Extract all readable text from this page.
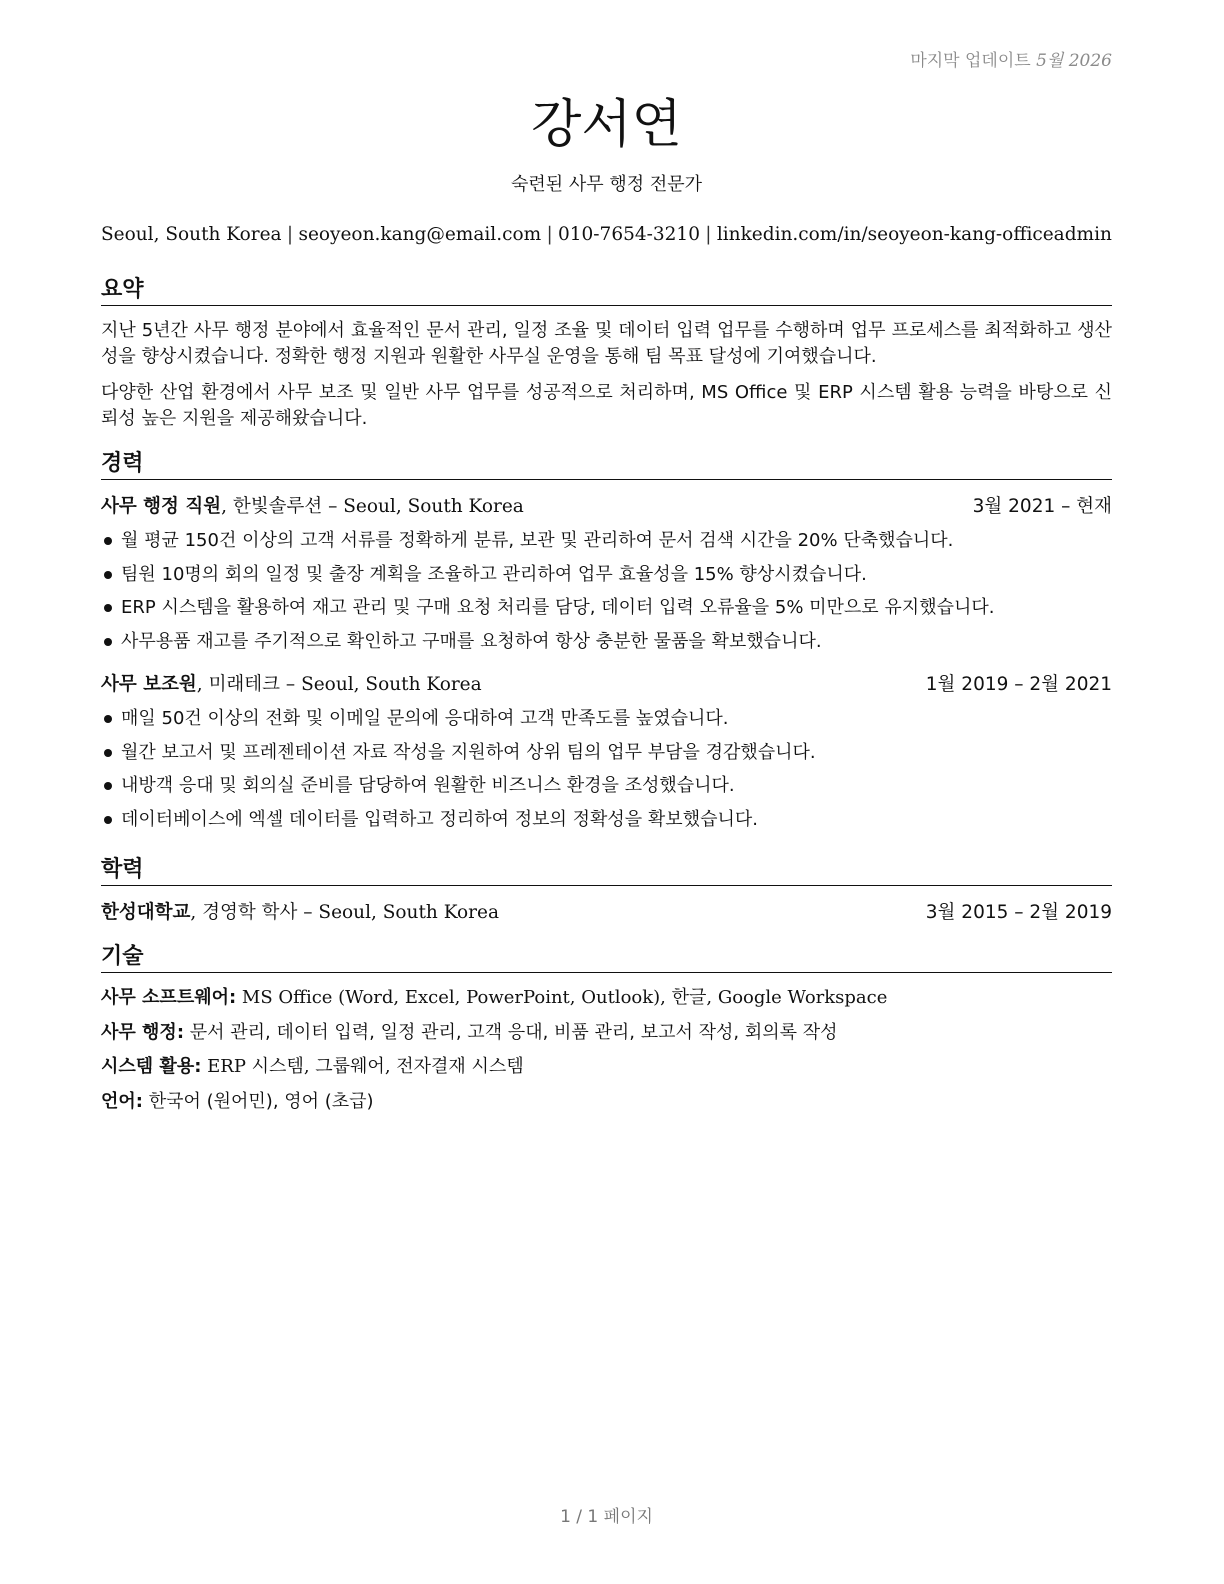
마지막 업데이트 5월 2026
강서연
숙련된 사무 행정 전문가
Seoul, South Korea | seoyeon.kang@email.com | 010-7654-3210 | linkedin.com/in/seoyeon-kang-officeadmin
요약
지난 5년간 사무 행정 분야에서 효율적인 문서 관리, 일정 조율 및 데이터 입력 업무를 수행하며 업무 프로세스를 최적화하고 생산성을 향상시켰습니다. 정확한 행정 지원과 원활한 사무실 운영을 통해 팀 목표 달성에 기여했습니다.
다양한 산업 환경에서 사무 보조 및 일반 사무 업무를 성공적으로 처리하며, MS Office 및 ERP 시스템 활용 능력을 바탕으로 신뢰성 높은 지원을 제공해왔습니다.
경력
사무 행정 직원, 한빛솔루션 – Seoul, South Korea	3월 2021 – 현재
월 평균 150건 이상의 고객 서류를 정확하게 분류, 보관 및 관리하여 문서 검색 시간을 20% 단축했습니다.
팀원 10명의 회의 일정 및 출장 계획을 조율하고 관리하여 업무 효율성을 15% 향상시켰습니다.
ERP 시스템을 활용하여 재고 관리 및 구매 요청 처리를 담당, 데이터 입력 오류율을 5% 미만으로 유지했습니다.
사무용품 재고를 주기적으로 확인하고 구매를 요청하여 항상 충분한 물품을 확보했습니다.
사무 보조원, 미래테크 – Seoul, South Korea	1월 2019 – 2월 2021
매일 50건 이상의 전화 및 이메일 문의에 응대하여 고객 만족도를 높였습니다.
월간 보고서 및 프레젠테이션 자료 작성을 지원하여 상위 팀의 업무 부담을 경감했습니다.
내방객 응대 및 회의실 준비를 담당하여 원활한 비즈니스 환경을 조성했습니다.
데이터베이스에 엑셀 데이터를 입력하고 정리하여 정보의 정확성을 확보했습니다.
학력
한성대학교, 경영학 학사 – Seoul, South Korea	3월 2015 – 2월 2019
기술
사무 소프트웨어: MS Office (Word, Excel, PowerPoint, Outlook), 한글, Google Workspace
사무 행정: 문서 관리, 데이터 입력, 일정 관리, 고객 응대, 비품 관리, 보고서 작성, 회의록 작성
시스템 활용: ERP 시스템, 그룹웨어, 전자결재 시스템
언어: 한국어 (원어민), 영어 (초급)
1 / 1 페이지
